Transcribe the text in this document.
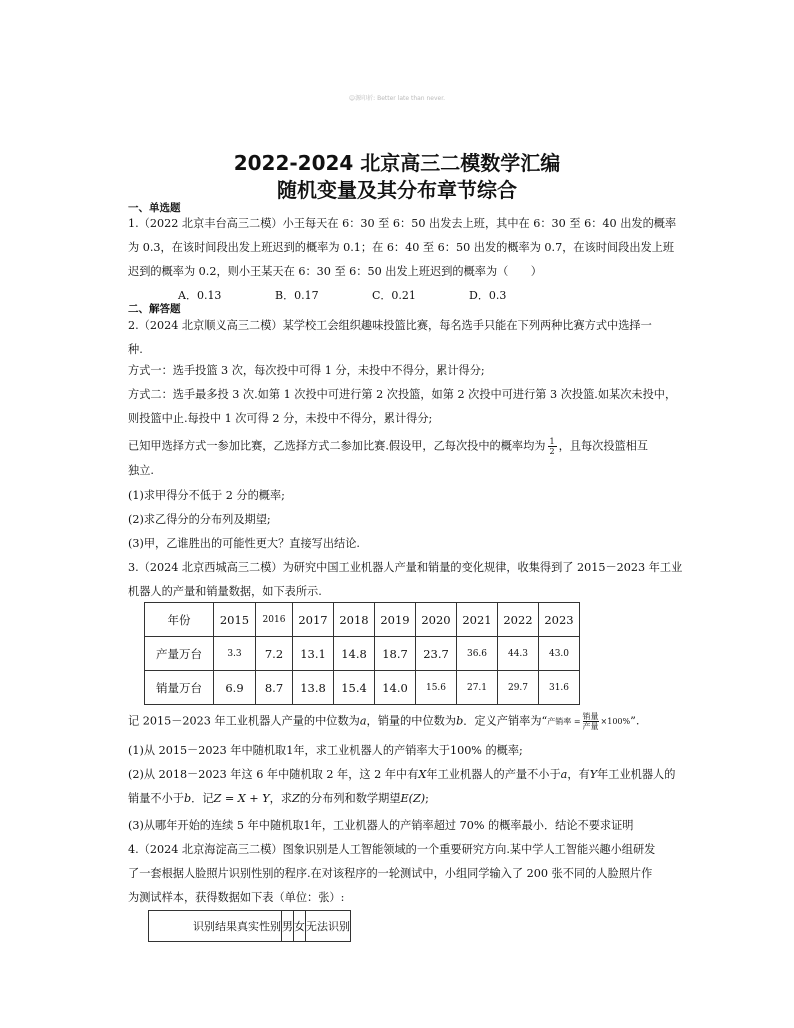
☺源印折: Better late than never.
2022-2024 北京高三二模数学汇编
随机变量及其分布章节综合
一、单选题
1.（2022 北京丰台高三二模）小王每天在 6：30 至 6：50 出发去上班，其中在 6：30 至 6：40 出发的概率
为 0.3，在该时间段出发上班迟到的概率为 0.1；在 6：40 至 6：50 出发的概率为 0.7，在该时间段出发上班
迟到的概率为 0.2，则小王某天在 6：30 至 6：50 出发上班迟到的概率为（　　）
A．0.13	B．0.17	C．0.21	D．0.3
二、解答题
2.（2024 北京顺义高三二模）某学校工会组织趣味投篮比赛，每名选手只能在下列两种比赛方式中选择一
种.
方式一：选手投篮 3 次，每次投中可得 1 分，未投中不得分，累计得分;
方式二：选手最多投 3 次.如第 1 次投中可进行第 2 次投篮，如第 2 次投中可进行第 3 次投篮.如某次未投中，
则投篮中止.每投中 1 次可得 2 分，未投中不得分，累计得分;
已知甲选择方式一参加比赛，乙选择方式二参加比赛.假设甲，乙每次投中的概率均为 $\frac{1}{2}$ ，且每次投篮相互
独立.
(1)求甲得分不低于 2 分的概率;
(2)求乙得分的分布列及期望;
(3)甲，乙谁胜出的可能性更大？直接写出结论.
3.（2024 北京西城高三二模）为研究中国工业机器人产量和销量的变化规律，收集得到了 2015－2023 年工业
机器人的产量和销量数据，如下表所示.
年份	2015	2016	2017	2018	2019	2020	2021	2022	2023
产量万台	3.3	7.2	13.1	14.8	18.7	23.7	36.6	44.3	43.0
销量万台	6.9	8.7	13.8	15.4	14.0	15.6	27.1	29.7	31.6
记 2015－2023 年工业机器人产量的中位数为a，销量的中位数为b．定义产销率为“ 产销率 =
销量
产量
×100% ”.
(1)从 2015－2023 年中随机取1年，求工业机器人的产销率大于100% 的概率;
(2)从 2018－2023 年这 6 年中随机取 2 年，这 2 年中有X年工业机器人的产量不小于a，有Y年工业机器人的
销量不小于b．记Z = X + Y，求Z的分布列和数学期望E(Z);
(3)从哪年开始的连续 5 年中随机取1年，工业机器人的产销率超过 70% 的概率最小．结论不要求证明
4.（2024 北京海淀高三二模）图象识别是人工智能领域的一个重要研究方向.某中学人工智能兴趣小组研发
了一套根据人脸照片识别性别的程序.在对该程序的一轮测试中，小组同学输入了 200 张不同的人脸照片作
为测试样本，获得数据如下表（单位：张）:
识别结果真实性别	男	女	无法识别
